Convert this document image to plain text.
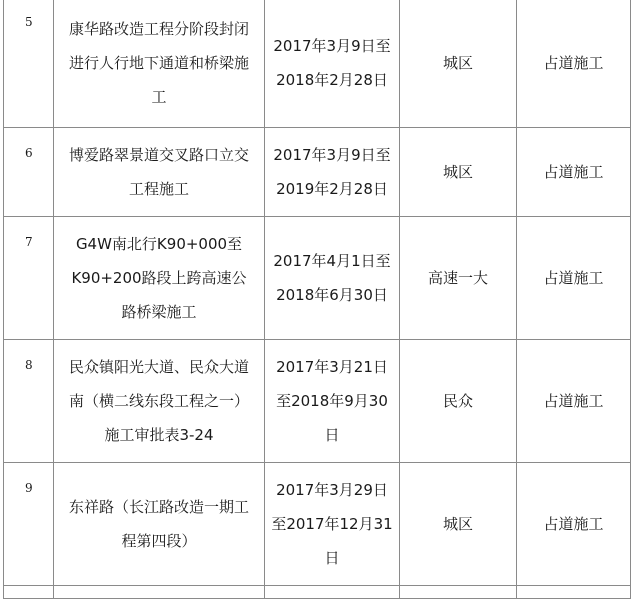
5	康华路改造工程分阶段封闭进行人行地下通道和桥梁施工	2017年3月9日至2018年2月28日	城区	占道施工

6	博爱路翠景道交叉路口立交工程施工	2017年3月9日至2019年2月28日	城区	占道施工

7	G4W南北行K90+000至K90+200路段上跨高速公路桥梁施工	2017年4月1日至2018年6月30日	高速一大	占道施工

8	民众镇阳光大道、民众大道南（横二线东段工程之一）施工审批表3-24	2017年3月21日至2018年9月30日	民众	占道施工

9	东祥路（长江路改造一期工程第四段）	2017年3月29日至2017年12月31日	城区	占道施工
